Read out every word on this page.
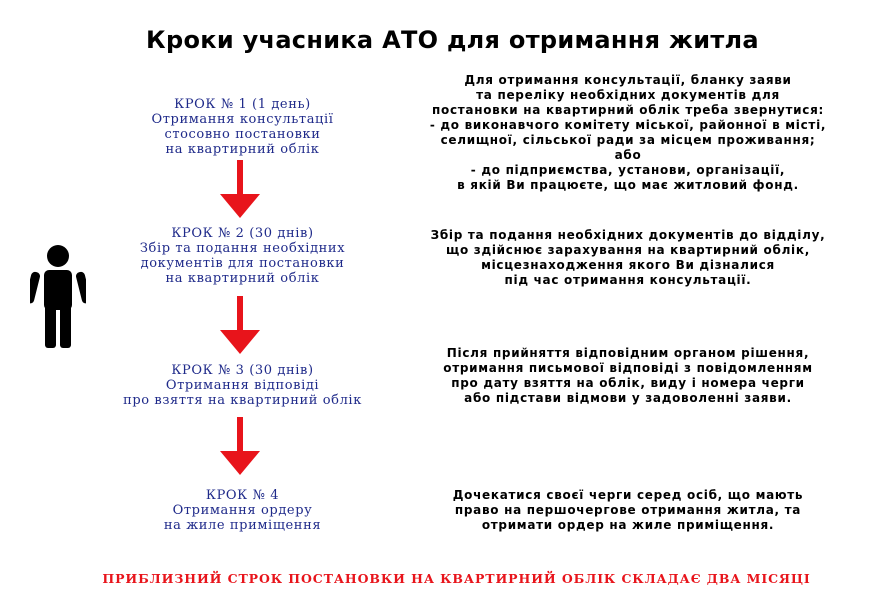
Кроки учасника АТО для отримання житла
КРОК № 1 (1 день)
Отримання консультації
стосовно постановки
на квартирний облік
КРОК № 2 (30 днів)
Збір та подання необхідних
документів для постановки
на квартирний облік
КРОК № 3 (30 днів)
Отримання відповіді
про взяття на квартирний облік
КРОК № 4
Отримання ордеру
на жиле приміщення
Для отримання консультації, бланку заяви
та переліку необхідних документів для
постановки на квартирний облік треба звернутися:
- до виконавчого комітету міської, районної в місті,
селищної, сільської ради за місцем проживання;
або
- до підприємства, установи, організації,
в якій Ви працюєте, що має житловий фонд.
Збір та подання необхідних документів до відділу,
що здійснює зарахування на квартирний облік,
місцезнаходження якого Ви дізналися
під час отримання консультації.
Після прийняття відповідним органом рішення,
отримання письмової відповіді з повідомленням
про дату взяття на облік, виду і номера черги
або підстави відмови у задоволенні заяви.
Дочекатися своєї черги серед осіб, що мають
право на першочергове отримання житла, та
отримати ордер на жиле приміщення.
ПРИБЛИЗНИЙ СТРОК ПОСТАНОВКИ НА КВАРТИРНИЙ ОБЛІК СКЛАДАЄ ДВА МІСЯЦІ
